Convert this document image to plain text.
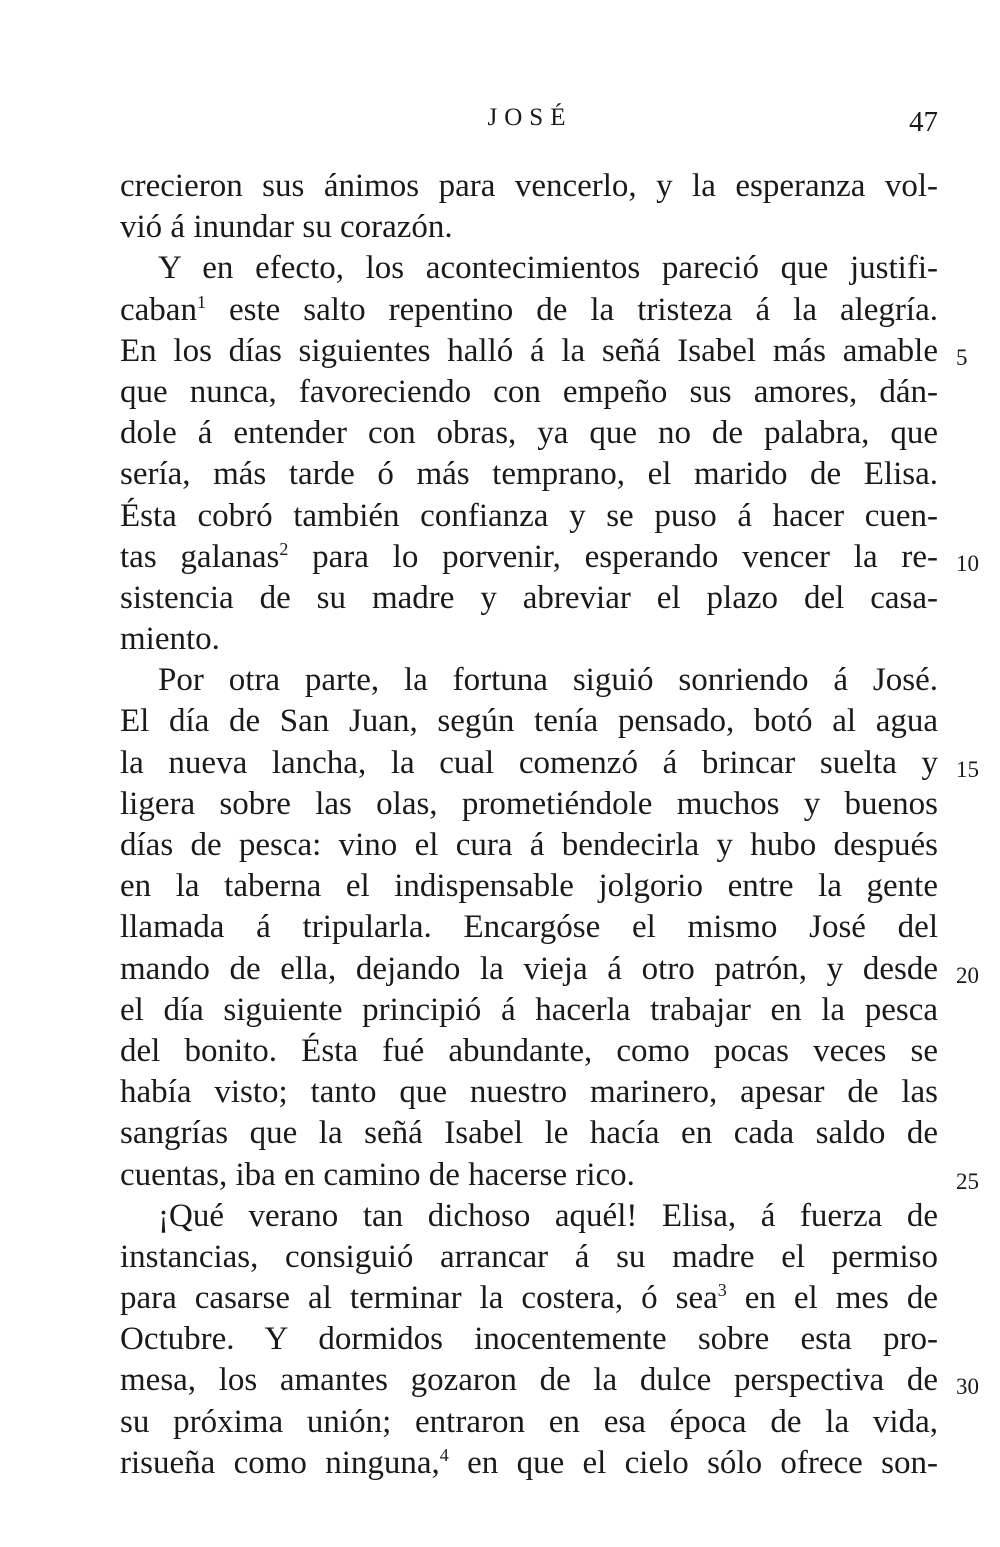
JOSÉ	47
crecieron sus ánimos para vencerlo, y la esperanza vol-
vió á inundar su corazón.
Y en efecto, los acontecimientos pareció que justifi-
caban$^1$ este salto repentino de la tristeza á la alegría.
En los días siguientes halló á la señá Isabel más amable 5
que nunca, favoreciendo con empeño sus amores, dán-
dole á entender con obras, ya que no de palabra, que
sería, más tarde ó más temprano, el marido de Elisa.
Ésta cobró también confianza y se puso á hacer cuen-
tas galanas$^2$ para lo porvenir, esperando vencer la re- 10
sistencia de su madre y abreviar el plazo del casa-
miento.
Por otra parte, la fortuna siguió sonriendo á José.
El día de San Juan, según tenía pensado, botó al agua
la nueva lancha, la cual comenzó á brincar suelta y 15
ligera sobre las olas, prometiéndole muchos y buenos
días de pesca: vino el cura á bendecirla y hubo después
en la taberna el indispensable jolgorio entre la gente
llamada á tripularla. Encargóse el mismo José del
mando de ella, dejando la vieja á otro patrón, y desde 20
el día siguiente principió á hacerla trabajar en la pesca
del bonito. Ésta fué abundante, como pocas veces se
había visto; tanto que nuestro marinero, apesar de las
sangrías que la señá Isabel le hacía en cada saldo de
cuentas, iba en camino de hacerse rico.	25
¡Qué verano tan dichoso aquél! Elisa, á fuerza de
instancias, consiguió arrancar á su madre el permiso
para casarse al terminar la costera, ó sea$^3$ en el mes de
Octubre. Y dormidos inocentemente sobre esta pro-
mesa, los amantes gozaron de la dulce perspectiva de 30
su próxima unión; entraron en esa época de la vida,
risueña como ninguna,$^4$ en que el cielo sólo ofrece son-
